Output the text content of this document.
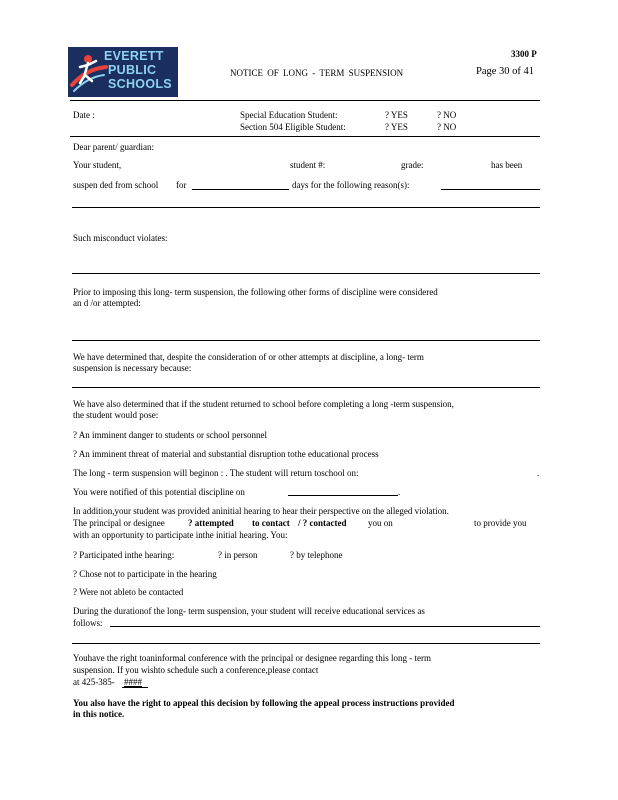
EVERETT
PUBLIC
SCHOOLS
3300 P
NOTICE OF LONG - TERM SUSPENSION	Page 30 of 41
Date :	Special Education Student:	? YES	? NO
Section 504 Eligible Student:	? YES	? NO
Dear parent/ guardian:
Your student,	student #:	grade:	has been
suspen ded from school for	days for the following reason(s):
Such misconduct violates:
Prior to imposing this long- term suspension, the following other forms of discipline were considered
an d /or attempted:
We have determined that, despite the consideration of or other attempts at discipline, a long- term
suspension is necessary because:
We have also determined that if the student returned to school before completing a long -term suspension,
the student would pose:
? An imminent danger to students or school personnel
? An imminent threat of material and substantial disruption tothe educational process
The long - term suspension will beginon : . The student will return toschool on:	.
You were notified of this potential discipline on	.
In addition,your student was provided aninitial hearing to hear their perspective on the alleged violation.
The principal or designee	? attempted to contact / ? contacted you on	to provide you
with an opportunity to participate inthe initial hearing. You:
? Participated inthe hearing:	? in person	? by telephone
? Chose not to participate in the hearing
? Were not ableto be contacted
During the durationof the long- term suspension, your student will receive educational services as
follows:
Youhave the right toaninformal conference with the principal or designee regarding this long - term
suspension. If you wishto schedule such a conference,please contact
at 425-385- ####
You also have the right to appeal this decision by following the appeal process instructions provided
in this notice.
